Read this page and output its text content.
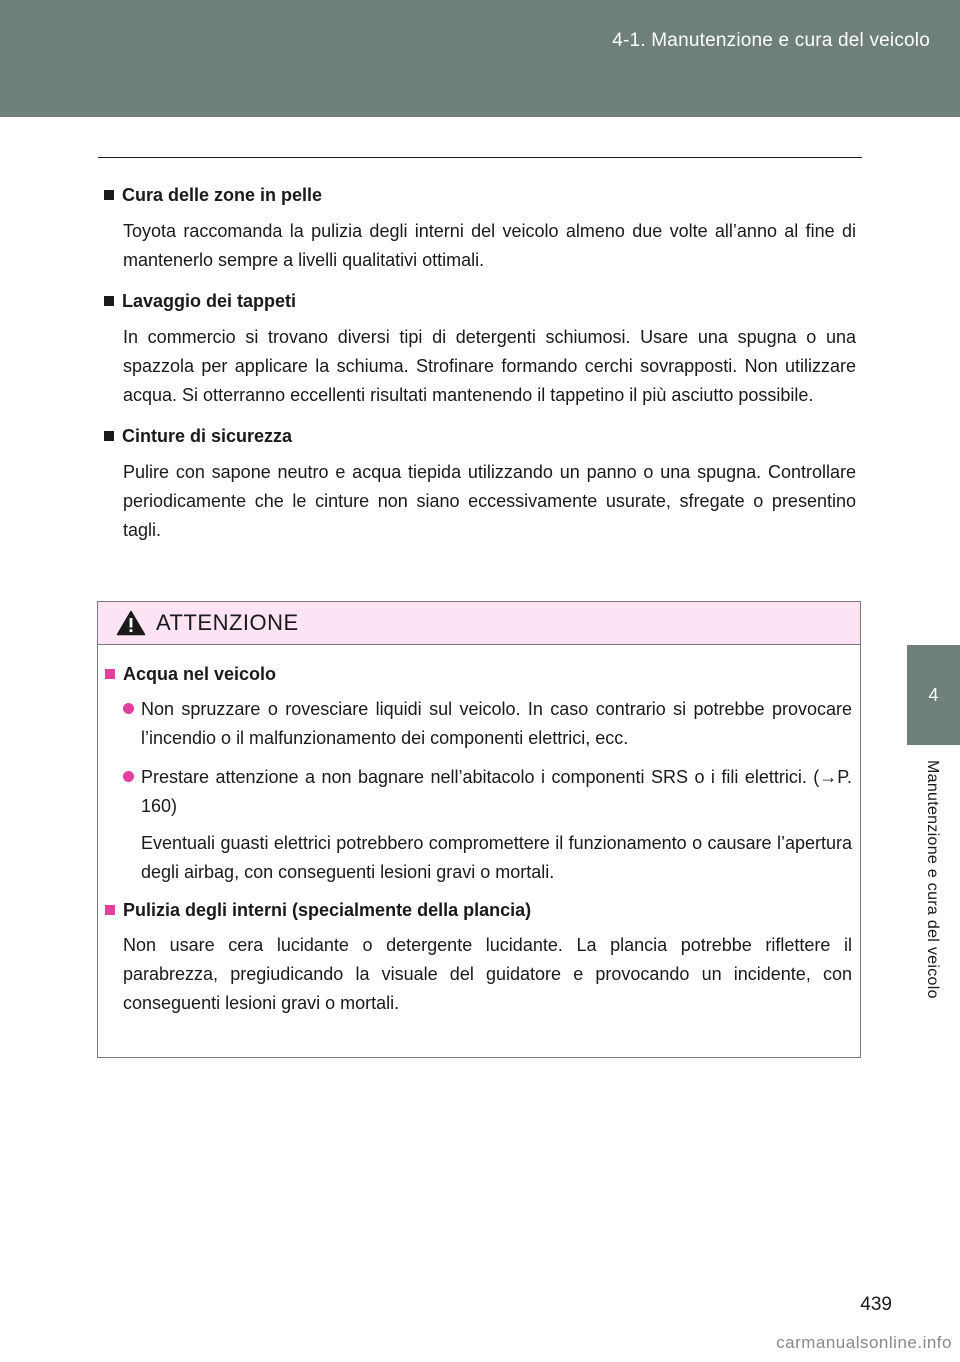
4-1. Manutenzione e cura del veicolo
4
Manutenzione e cura del veicolo

Cura delle zone in pelle

Toyota raccomanda la pulizia degli interni del veicolo almeno due volte all’anno al fine di mantenerlo sempre a livelli qualitativi ottimali.

Lavaggio dei tappeti

In commercio si trovano diversi tipi di detergenti schiumosi. Usare una spugna o una spazzola per applicare la schiuma. Strofinare formando cerchi sovrapposti. Non utilizzare acqua. Si otterranno eccellenti risultati mantenendo il tappetino il più asciutto possibile.

Cinture di sicurezza

Pulire con sapone neutro e acqua tiepida utilizzando un panno o una spugna. Controllare periodicamente che le cinture non siano eccessivamente usurate, sfregate o presentino tagli.

ATTENZIONE

Acqua nel veicolo

Non spruzzare o rovesciare liquidi sul veicolo. In caso contrario si potrebbe provocare l’incendio o il malfunzionamento dei componenti elettrici, ecc.
Prestare attenzione a non bagnare nell’abitacolo i componenti SRS o i fili elettrici. (→P. 160)

Eventuali guasti elettrici potrebbero compromettere il funzionamento o causare l’apertura degli airbag, con conseguenti lesioni gravi o mortali.

Pulizia degli interni (specialmente della plancia)

Non usare cera lucidante o detergente lucidante. La plancia potrebbe riflettere il parabrezza, pregiudicando la visuale del guidatore e provocando un incidente, con conseguenti lesioni gravi o mortali.

439
carmanualsonline.info
